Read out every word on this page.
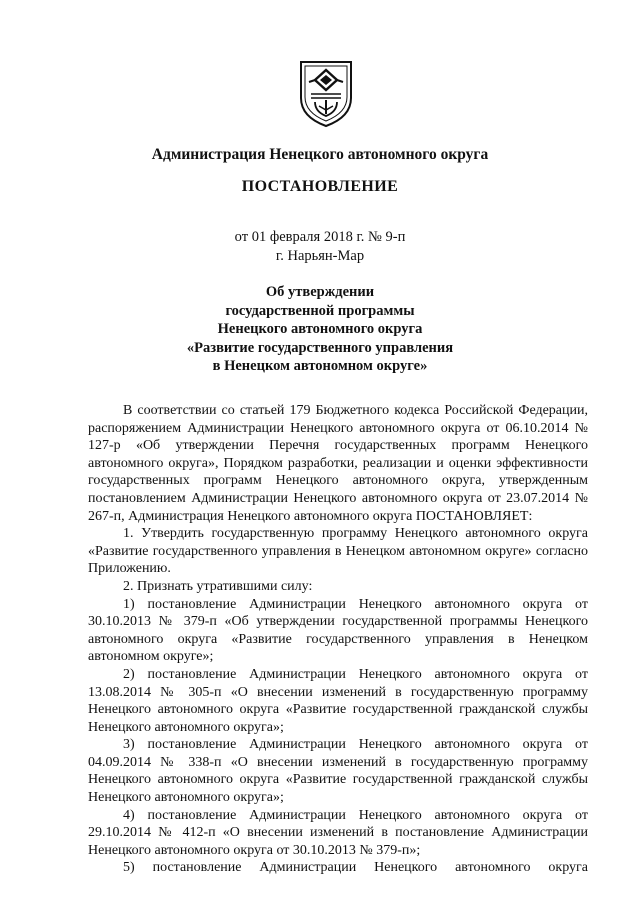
Администрация Ненецкого автономного округа
ПОСТАНОВЛЕНИЕ
от 01 февраля 2018 г. № 9-п
г. Нарьян-Мар
Об утверждении
государственной программы
Ненецкого автономного округа
«Развитие государственного управления
в Ненецком автономном округе»

В соответствии со статьей 179 Бюджетного кодекса Российской Федерации, распоряжением Администрации Ненецкого автономного округа от 06.10.2014 № 127-р «Об утверждении Перечня государственных программ Ненецкого автономного округа», Порядком разработки, реализации и оценки эффективности государственных программ Ненецкого автономного округа, утвержденным постановлением Администрации Ненецкого автономного округа от 23.07.2014 № 267-п, Администрация Ненецкого автономного округа ПОСТАНОВЛЯЕТ:

1. Утвердить государственную программу Ненецкого автономного округа «Развитие государственного управления в Ненецком автономном округе» согласно Приложению.

2. Признать утратившими силу:

1) постановление Администрации Ненецкого автономного округа от 30.10.2013 № 379-п «Об утверждении государственной программы Ненецкого автономного округа «Развитие государственного управления в Ненецком автономном округе»;

2) постановление Администрации Ненецкого автономного округа от 13.08.2014 № 305-п «О внесении изменений в государственную программу Ненецкого автономного округа «Развитие государственной гражданской службы Ненецкого автономного округа»;

3) постановление Администрации Ненецкого автономного округа от 04.09.2014 № 338-п «О внесении изменений в государственную программу Ненецкого автономного округа «Развитие государственной гражданской службы Ненецкого автономного округа»;

4) постановление Администрации Ненецкого автономного округа от 29.10.2014 № 412-п «О внесении изменений в постановление Администрации Ненецкого автономного округа от 30.10.2013 № 379-п»;

5) постановление Администрации Ненецкого автономного округа
